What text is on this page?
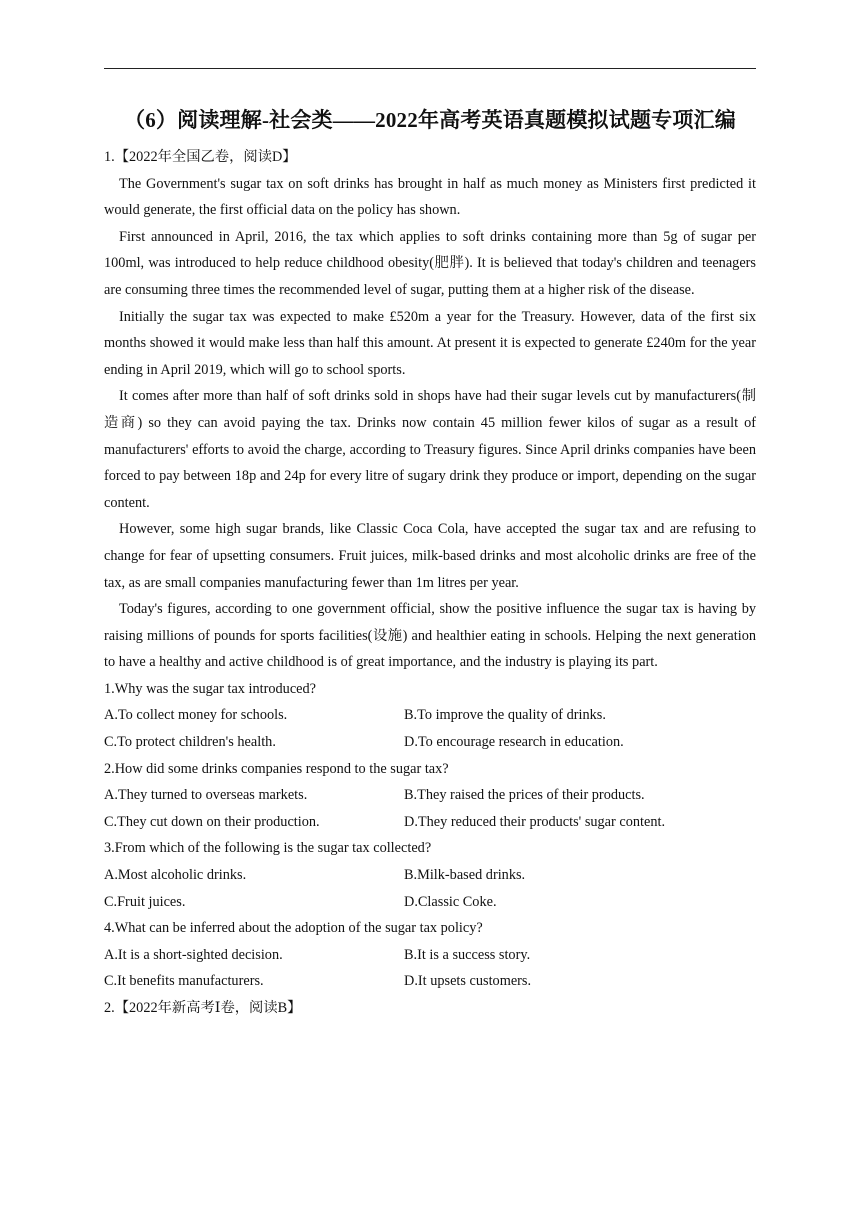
（6）阅读理解-社会类——2022年高考英语真题模拟试题专项汇编

1.【2022年全国乙卷，阅读D】

The Government's sugar tax on soft drinks has brought in half as much money as Ministers first predicted it would generate, the first official data on the policy has shown.

First announced in April, 2016, the tax which applies to soft drinks containing more than 5g of sugar per 100ml, was introduced to help reduce childhood obesity(肥胖). It is believed that today's children and teenagers are consuming three times the recommended level of sugar, putting them at a higher risk of the disease.

Initially the sugar tax was expected to make £520m a year for the Treasury. However, data of the first six months showed it would make less than half this amount. At present it is expected to generate £240m for the year ending in April 2019, which will go to school sports.

It comes after more than half of soft drinks sold in shops have had their sugar levels cut by manufacturers(制造商) so they can avoid paying the tax. Drinks now contain 45 million fewer kilos of sugar as a result of manufacturers' efforts to avoid the charge, according to Treasury figures. Since April drinks companies have been forced to pay between 18p and 24p for every litre of sugary drink they produce or import, depending on the sugar content.

However, some high sugar brands, like Classic Coca Cola, have accepted the sugar tax and are refusing to change for fear of upsetting consumers. Fruit juices, milk-based drinks and most alcoholic drinks are free of the tax, as are small companies manufacturing fewer than 1m litres per year.

Today's figures, according to one government official, show the positive influence the sugar tax is having by raising millions of pounds for sports facilities(设施) and healthier eating in schools. Helping the next generation to have a healthy and active childhood is of great importance, and the industry is playing its part.

1.Why was the sugar tax introduced?

A.To collect money for schools.	B.To improve the quality of drinks.
C.To protect children's health.	D.To encourage research in education.

2.How did some drinks companies respond to the sugar tax?

A.They turned to overseas markets.	B.They raised the prices of their products.
C.They cut down on their production.	D.They reduced their products' sugar content.

3.From which of the following is the sugar tax collected?

A.Most alcoholic drinks.	B.Milk-based drinks.
C.Fruit juices.	D.Classic Coke.

4.What can be inferred about the adoption of the sugar tax policy?

A.It is a short-sighted decision.	B.It is a success story.
C.It benefits manufacturers.	D.It upsets customers.

2.【2022年新高考Ⅰ卷，阅读B】
